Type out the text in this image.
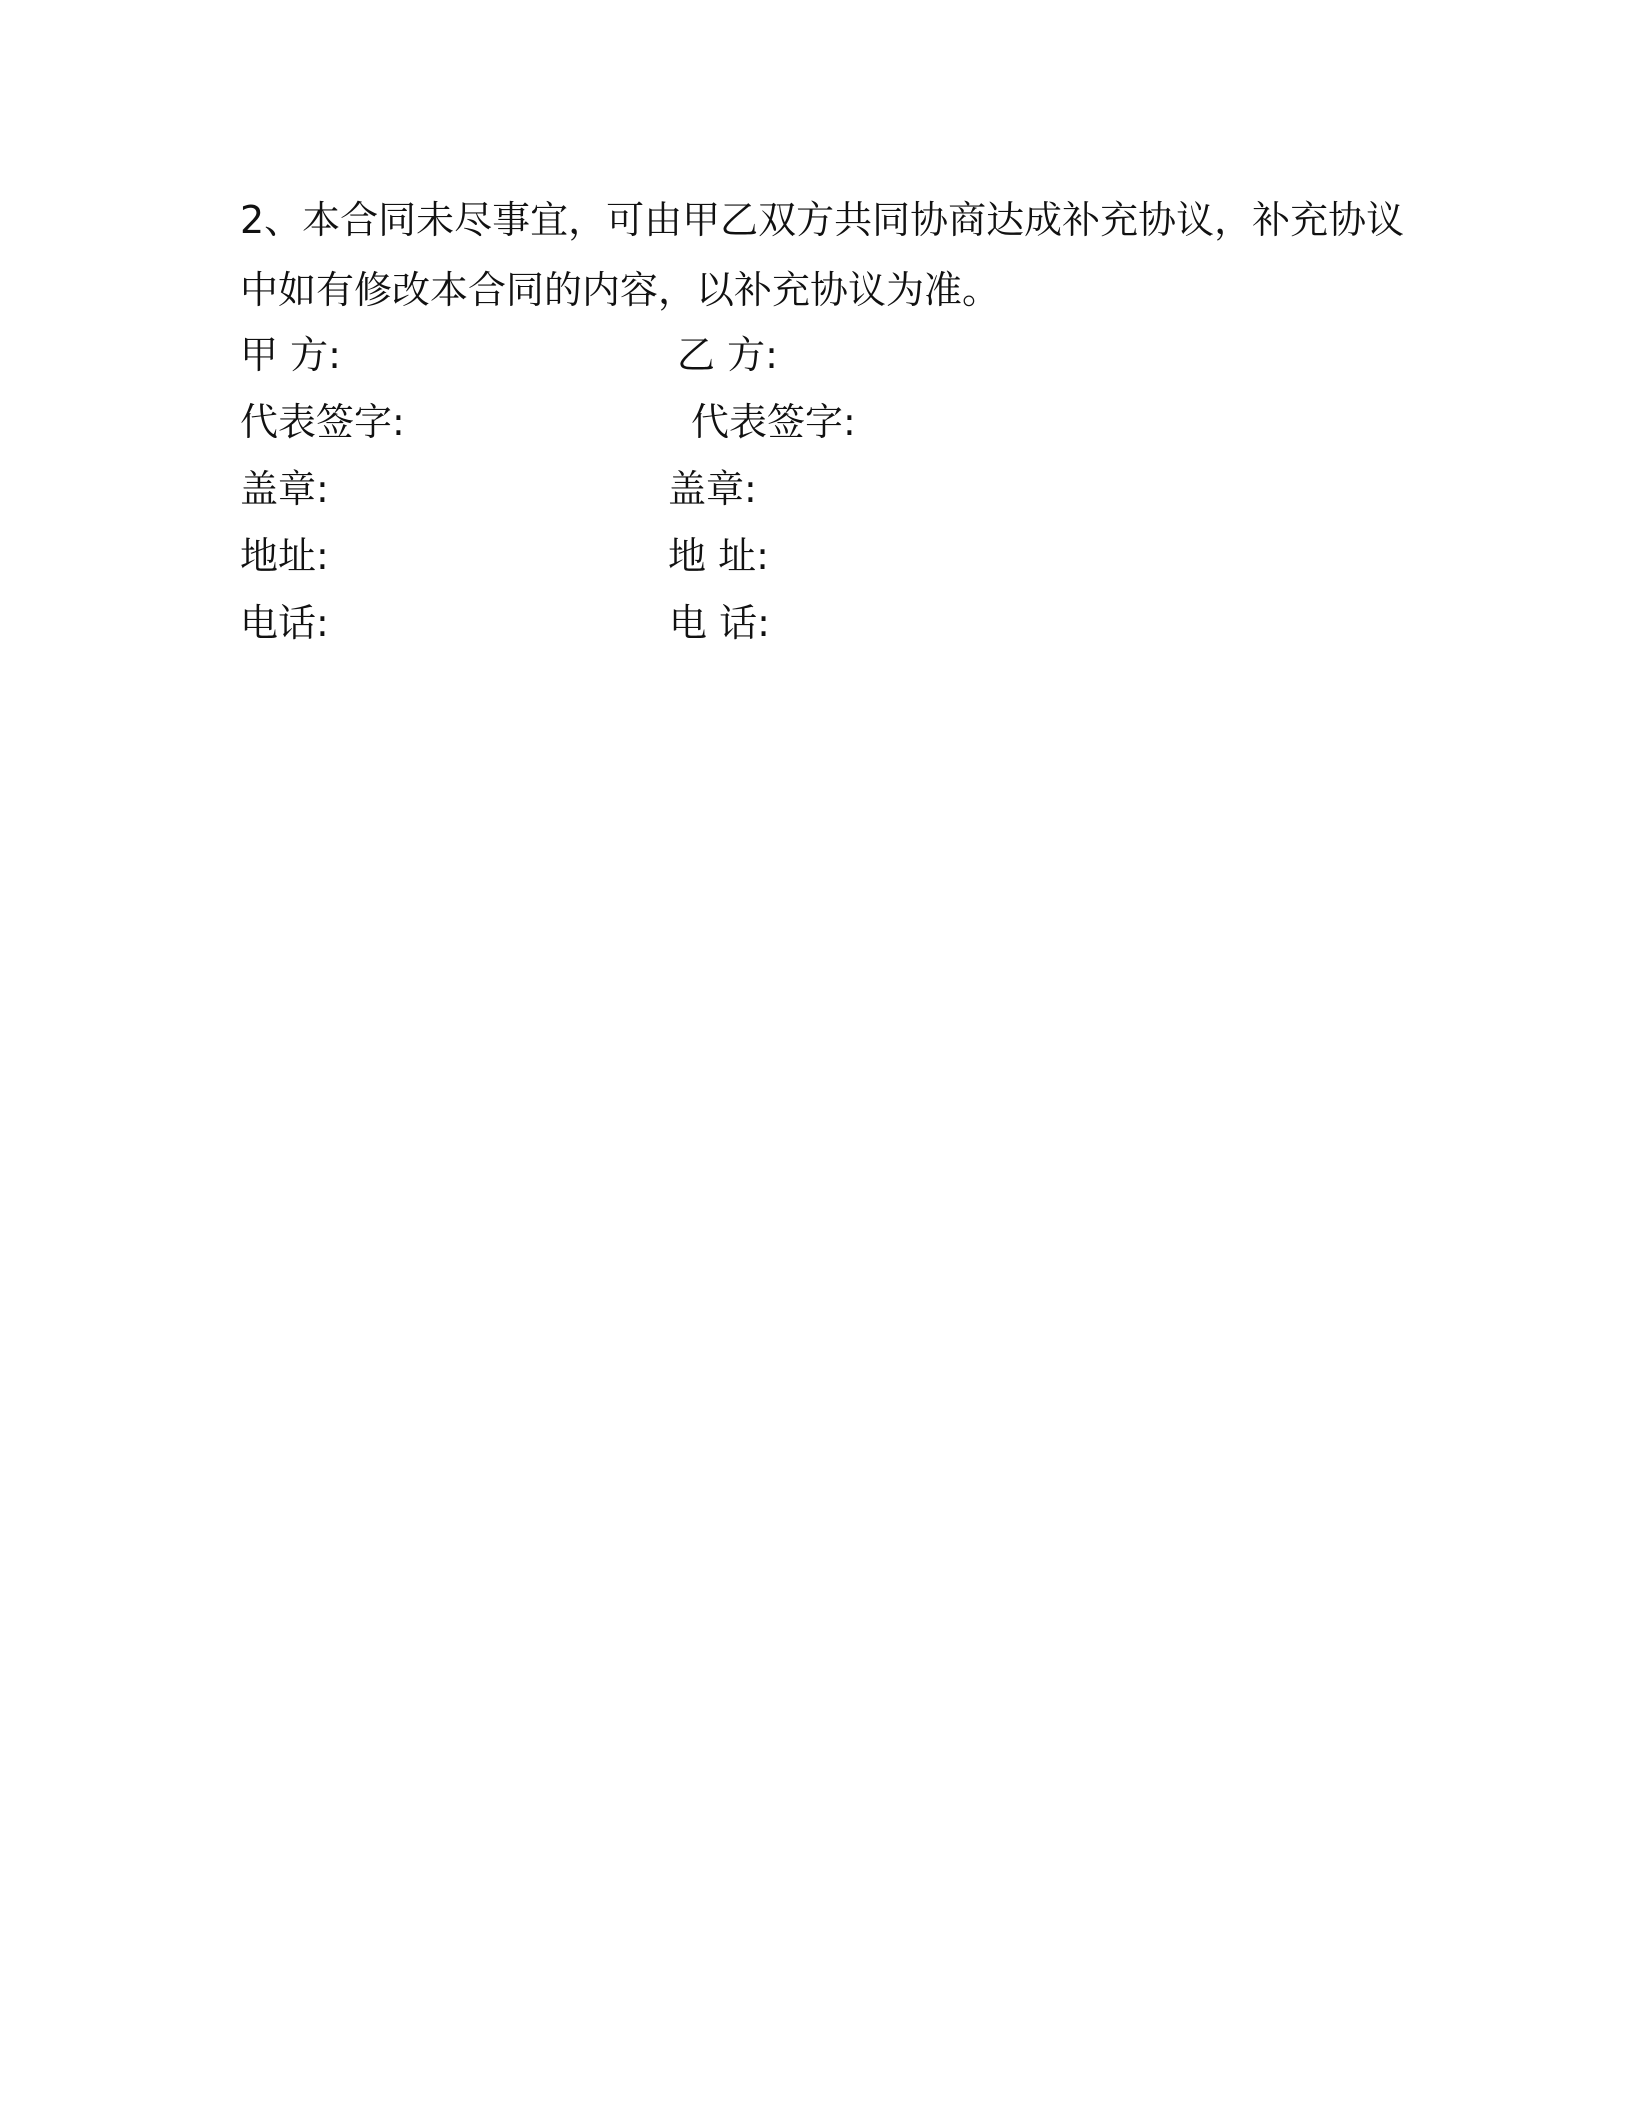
2、本合同未尽事宜，可由甲乙双方共同协商达成补充协议，补充协议中如有修改本合同的内容，以补充协议为准。

甲 方:	乙 方:
代表签字:	代表签字:
盖章:	盖章:
地址:	地 址:
电话:	电 话:
